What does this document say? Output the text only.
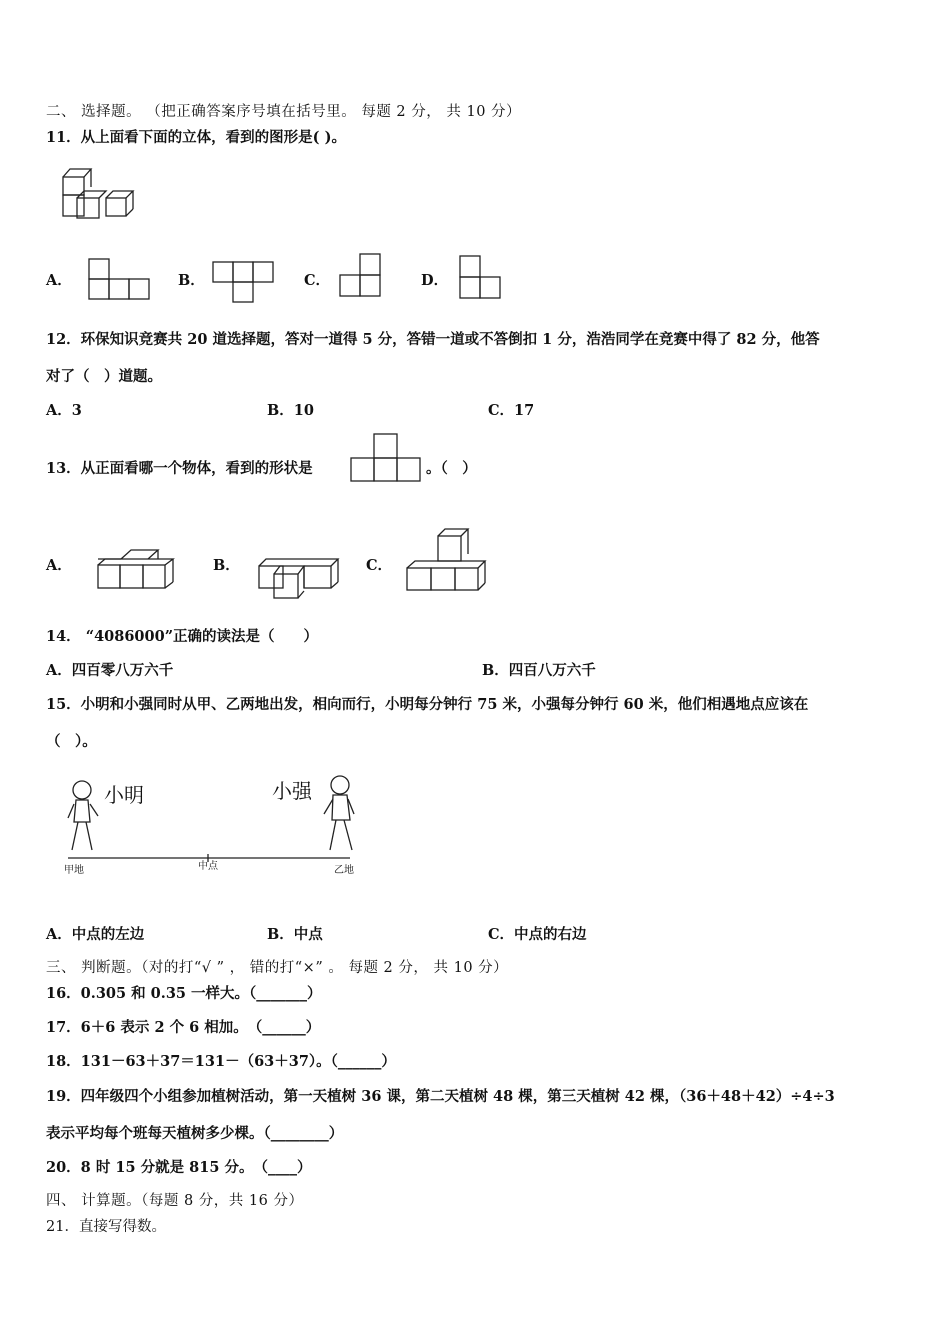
二、 选择题。 （把正确答案序号填在括号里。 每题 2 分， 共 10 分）
11．从上面看下面的立体，看到的图形是( )。
A．	B．	C．	D．
12．环保知识竞赛共 20 道选择题，答对一道得 5 分，答错一道或不答倒扣 1 分，浩浩同学在竞赛中得了 82 分，他答
对了（　）道题。
A．3	B．10	C．17
13．从正面看哪一个物体，看到的形状是	。（　）
A．	B．	C．
14． “4086000”正确的读法是（　　）
A．四百零八万六千	B．四百八万六千
15．小明和小强同时从甲、乙两地出发，相向而行，小明每分钟行 75 米，小强每分钟行 60 米，他们相遇地点应该在
（　）。
小明	小强
甲地	中点	乙地
A．中点的左边	B．中点	C．中点的右边
三、 判断题。（对的打“√ ” ， 错的打“×” 。 每题 2 分， 共 10 分）
16．0.305 和 0.35 一样大。（_______）
17．6＋6 表示 2 个 6 相加。　（______）
18．131－63＋37＝131－（63＋37）。（______）
19．四年级四个小组参加植树活动，第一天植树 36 课，第二天植树 48 棵，第三天植树 42 棵，（36＋48＋42）÷4÷3
表示平均每个班每天植树多少棵。（________）
20．8 时 15 分就是 815 分。　（____）
四、 计算题。（每题 8 分，共 16 分）
21．直接写得数。
